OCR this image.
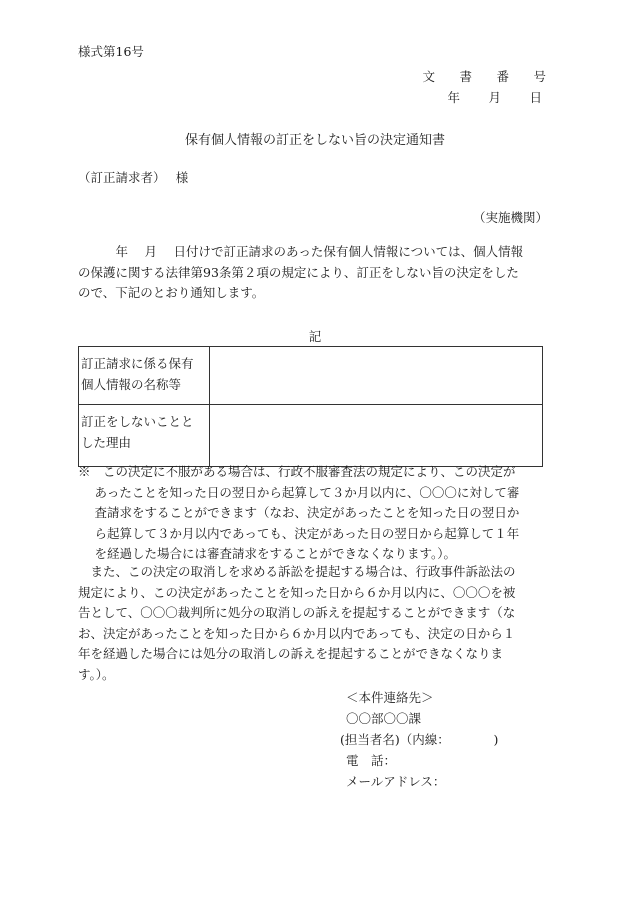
様式第16号
文　書　番　号
年　月　日
保有個人情報の訂正をしない旨の決定通知書
（訂正請求者）　 様
（実施機関）
　　　年　 月　 日付けで訂正請求のあった保有個人情報については、個人情報
の保護に関する法律第93条第２項の規定により、訂正をしない旨の決定をした
ので、下記のとおり通知します。
記
訂正請求に係る保有
個人情報の名称等	

訂正をしないことと
した理由	

※　この決定に不服がある場合は、行政不服審査法の規定により、この決定が
　 あったことを知った日の翌日から起算して３か月以内に、〇〇〇に対して審
　 査請求をすることができます（なお、決定があったことを知った日の翌日か
　 ら起算して３か月以内であっても、決定があった日の翌日から起算して１年
　 を経過した場合には審査請求をすることができなくなります。）。
　また、この決定の取消しを求める訴訟を提起する場合は、行政事件訴訟法の
規定により、この決定があったことを知った日から６か月以内に、〇〇〇を被
告として、〇〇〇裁判所に処分の取消しの訴えを提起することができます（な
お、決定があったことを知った日から６か月以内であっても、決定の日から１
年を経過した場合には処分の取消しの訴えを提起することができなくなりま
す。）。
＜本件連絡先＞
〇〇部〇〇課
(担当者名)（内線：　　　　)
電　話：
メールアドレス：
